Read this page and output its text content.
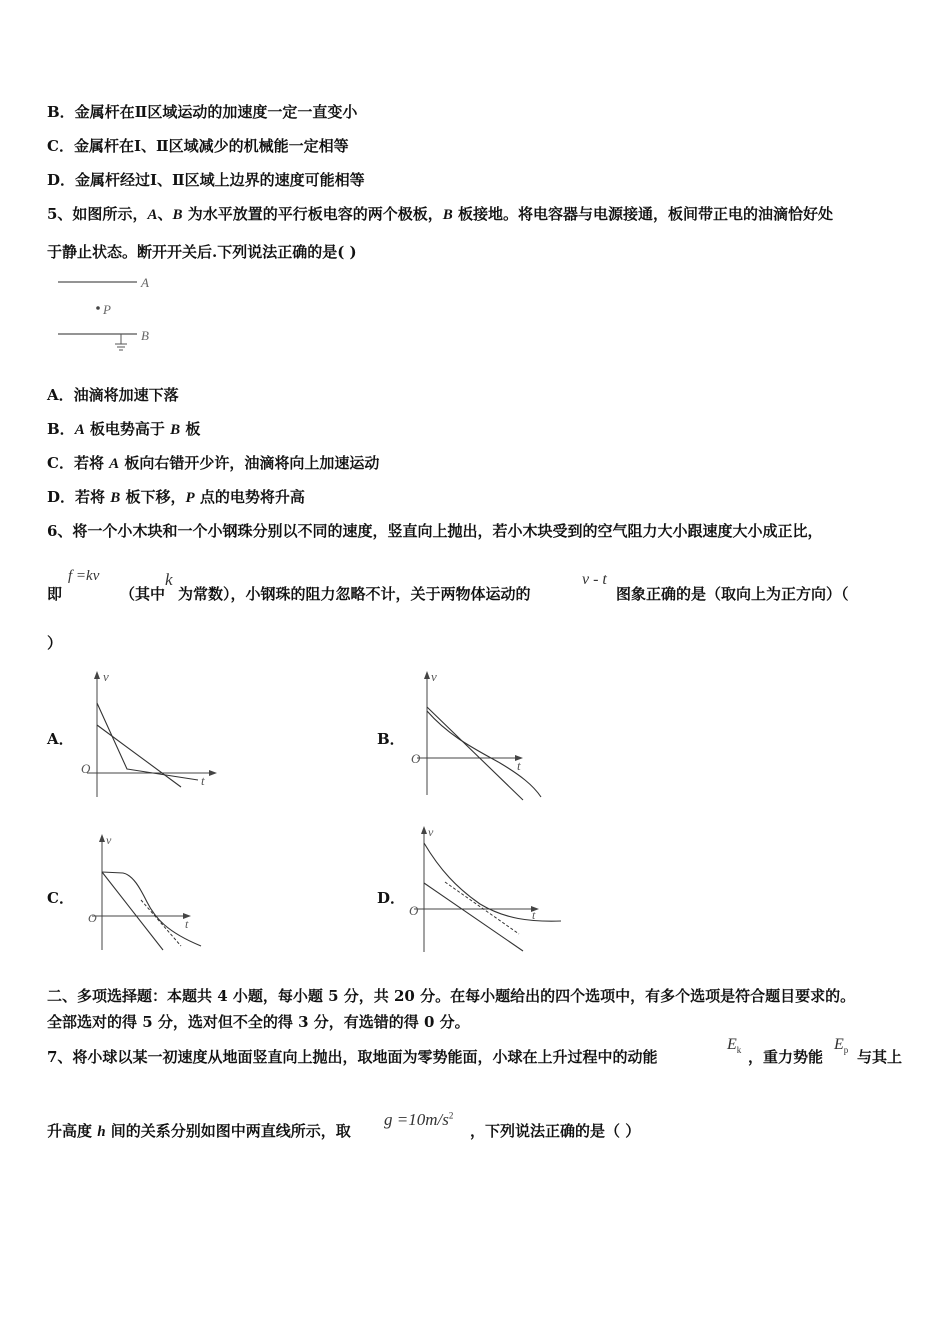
B．金属杆在Ⅱ区域运动的加速度一定一直变小
C．金属杆在Ⅰ、Ⅱ区域减少的机械能一定相等
D．金属杆经过Ⅰ、Ⅱ区域上边界的速度可能相等
5、如图所示，A、B 为水平放置的平行板电容的两个极板，B 板接地。将电容器与电源接通，板间带正电的油滴恰好处
于静止状态。断开开关后.下列说法正确的是( )
A
P
B
A．油滴将加速下落
B．A 板电势高于 B 板
C．若将 A 板向右错开少许，油滴将向上加速运动
D．若将 B 板下移，P 点的电势将升高
6、将一个小木块和一个小钢珠分别以不同的速度，竖直向上抛出，若小木块受到的空气阻力大小跟速度大小成正比，
即
f =kv
（其中
k
为常数），小钢珠的阻力忽略不计，关于两物体运动的
v - t
图象正确的是（取向上为正方向）（
）
A．
v
O
t
B．
v
O	t
C．
v
O	t
D．
v
O	t
二、多项选择题：本题共 4 小题，每小题 5 分，共 20 分。在每小题给出的四个选项中，有多个选项是符合题目要求的。
全部选对的得 5 分，选对但不全的得 3 分，有选错的得 0 分。
7、将小球以某一初速度从地面竖直向上抛出，取地面为零势能面，小球在上升过程中的动能
$E_k$ ，重力势能
$E_p$ 与其上
升高度 h 间的关系分别如图中两直线所示，取
$g =10m/s^2$
，下列说法正确的是（ ）
